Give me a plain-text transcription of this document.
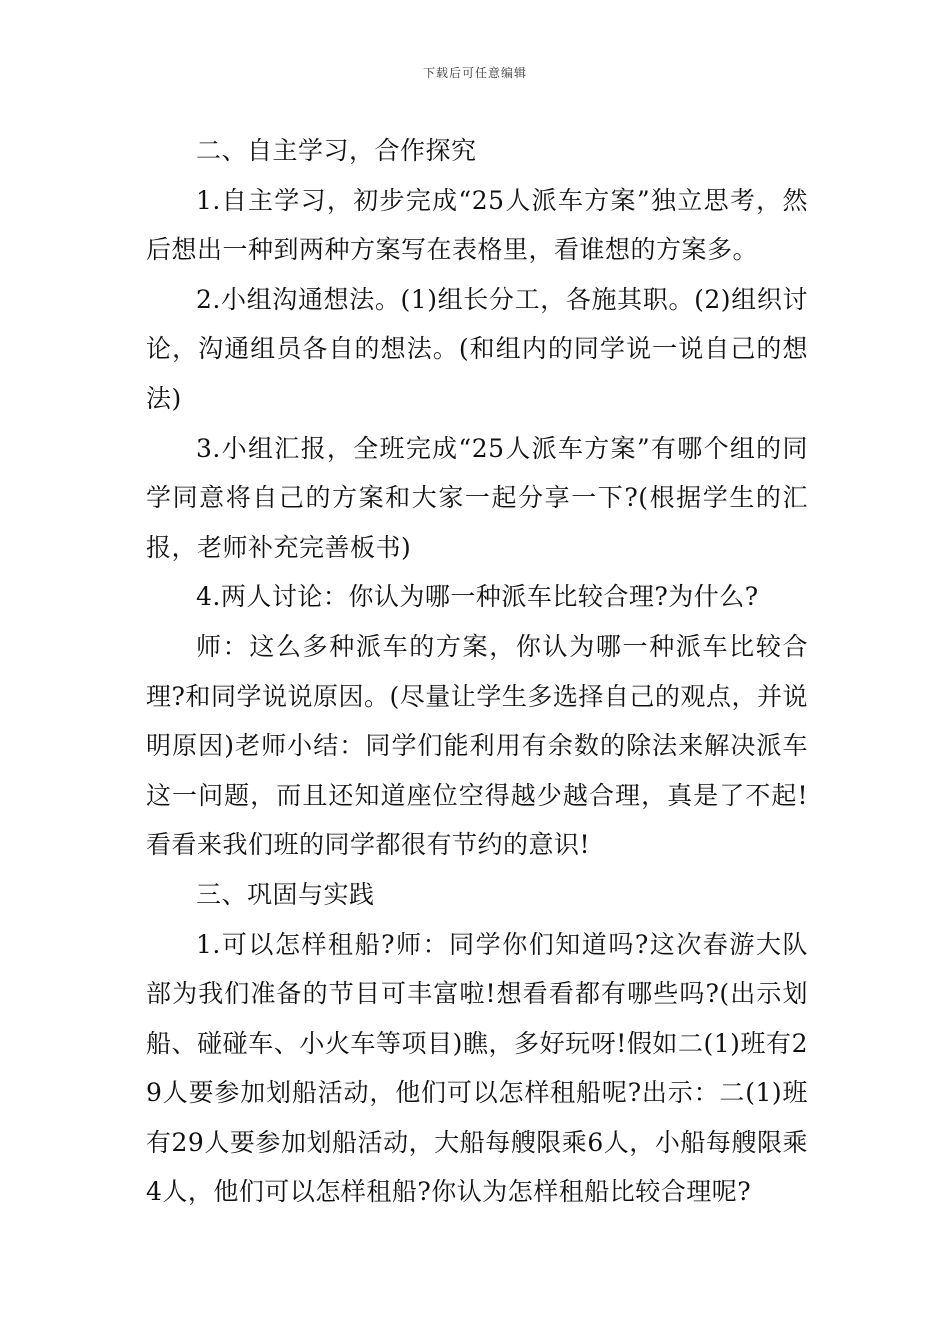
下载后可任意编辑

二、自主学习，合作探究

1.自主学习，初步完成“25人派车方案”独立思考，然后想出一种到两种方案写在表格里，看谁想的方案多。

2.小组沟通想法。(1)组长分工，各施其职。(2)组织讨论，沟通组员各自的想法。(和组内的同学说一说自己的想法)

3.小组汇报，全班完成“25人派车方案”有哪个组的同学同意将自己的方案和大家一起分享一下?(根据学生的汇报，老师补充完善板书)

4.两人讨论：你认为哪一种派车比较合理?为什么?

师：这么多种派车的方案，你认为哪一种派车比较合理?和同学说说原因。(尽量让学生多选择自己的观点，并说明原因)老师小结：同学们能利用有余数的除法来解决派车这一问题，而且还知道座位空得越少越合理，真是了不起!看看来我们班的同学都很有节约的意识!

三、巩固与实践

1.可以怎样租船?师：同学你们知道吗?这次春游大队部为我们准备的节目可丰富啦!想看看都有哪些吗?(出示划船、碰碰车、小火车等项目)瞧，多好玩呀!假如二(1)班有29人要参加划船活动，他们可以怎样租船呢?出示：二(1)班有29人要参加划船活动，大船每艘限乘6人，小船每艘限乘4人，他们可以怎样租船?你认为怎样租船比较合理呢?
